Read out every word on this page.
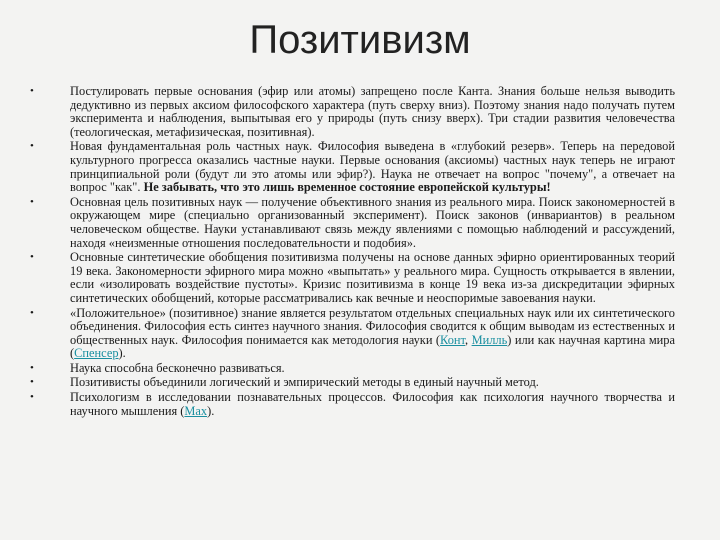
Позитивизм
•	Постулировать первые основания (эфир или атомы) запрещено после Канта. Знания больше нельзя выводить дедуктивно из первых аксиом философского характера (путь сверху вниз). Поэтому знания надо получать путем эксперимента и наблюдения, выпытывая его у природы (путь снизу вверх). Три стадии развития человечества (теологическая, метафизическая, позитивная).
•	Новая фундаментальная роль частных наук. Философия выведена в «глубокий резерв». Теперь на передовой культурного прогресса оказались частные науки. Первые основания (аксиомы) частных наук теперь не играют принципиальной роли (будут ли это атомы или эфир?). Наука не отвечает на вопрос "почему", а отвечает на вопрос "как". Не забывать, что это лишь временное состояние европейской культуры!
•	Основная цель позитивных наук — получение объективного знания из реального мира. Поиск закономерностей в окружающем мире (специально организованный эксперимент). Поиск законов (инвариантов) в реальном человеческом обществе. Науки устанавливают связь между явлениями с помощью наблюдений и рассуждений, находя «неизменные отношения последовательности и подобия».
•	Основные синтетические обобщения позитивизма получены на основе данных эфирно ориентированных теорий 19 века. Закономерности эфирного мира можно «выпытать» у реального мира. Сущность открывается в явлении, если «изолировать воздействие пустоты». Кризис позитивизма в конце 19 века из-за дискредитации эфирных синтетических обобщений, которые рассматривались как вечные и неоспоримые завоевания науки.
•	«Положительное» (позитивное) знание является результатом отдельных специальных наук или их синтетического объединения. Философия есть синтез научного знания. Философия сводится к общим выводам из естественных и общественных наук. Философия понимается как методология науки (Конт, Милль) или как научная картина мира (Спенсер).
•	Наука способна бесконечно развиваться.
•	Позитивисты объединили логический и эмпирический методы в единый научный метод.
•	Психологизм в исследовании познавательных процессов. Философия как психология научного творчества и научного мышления (Мах).
